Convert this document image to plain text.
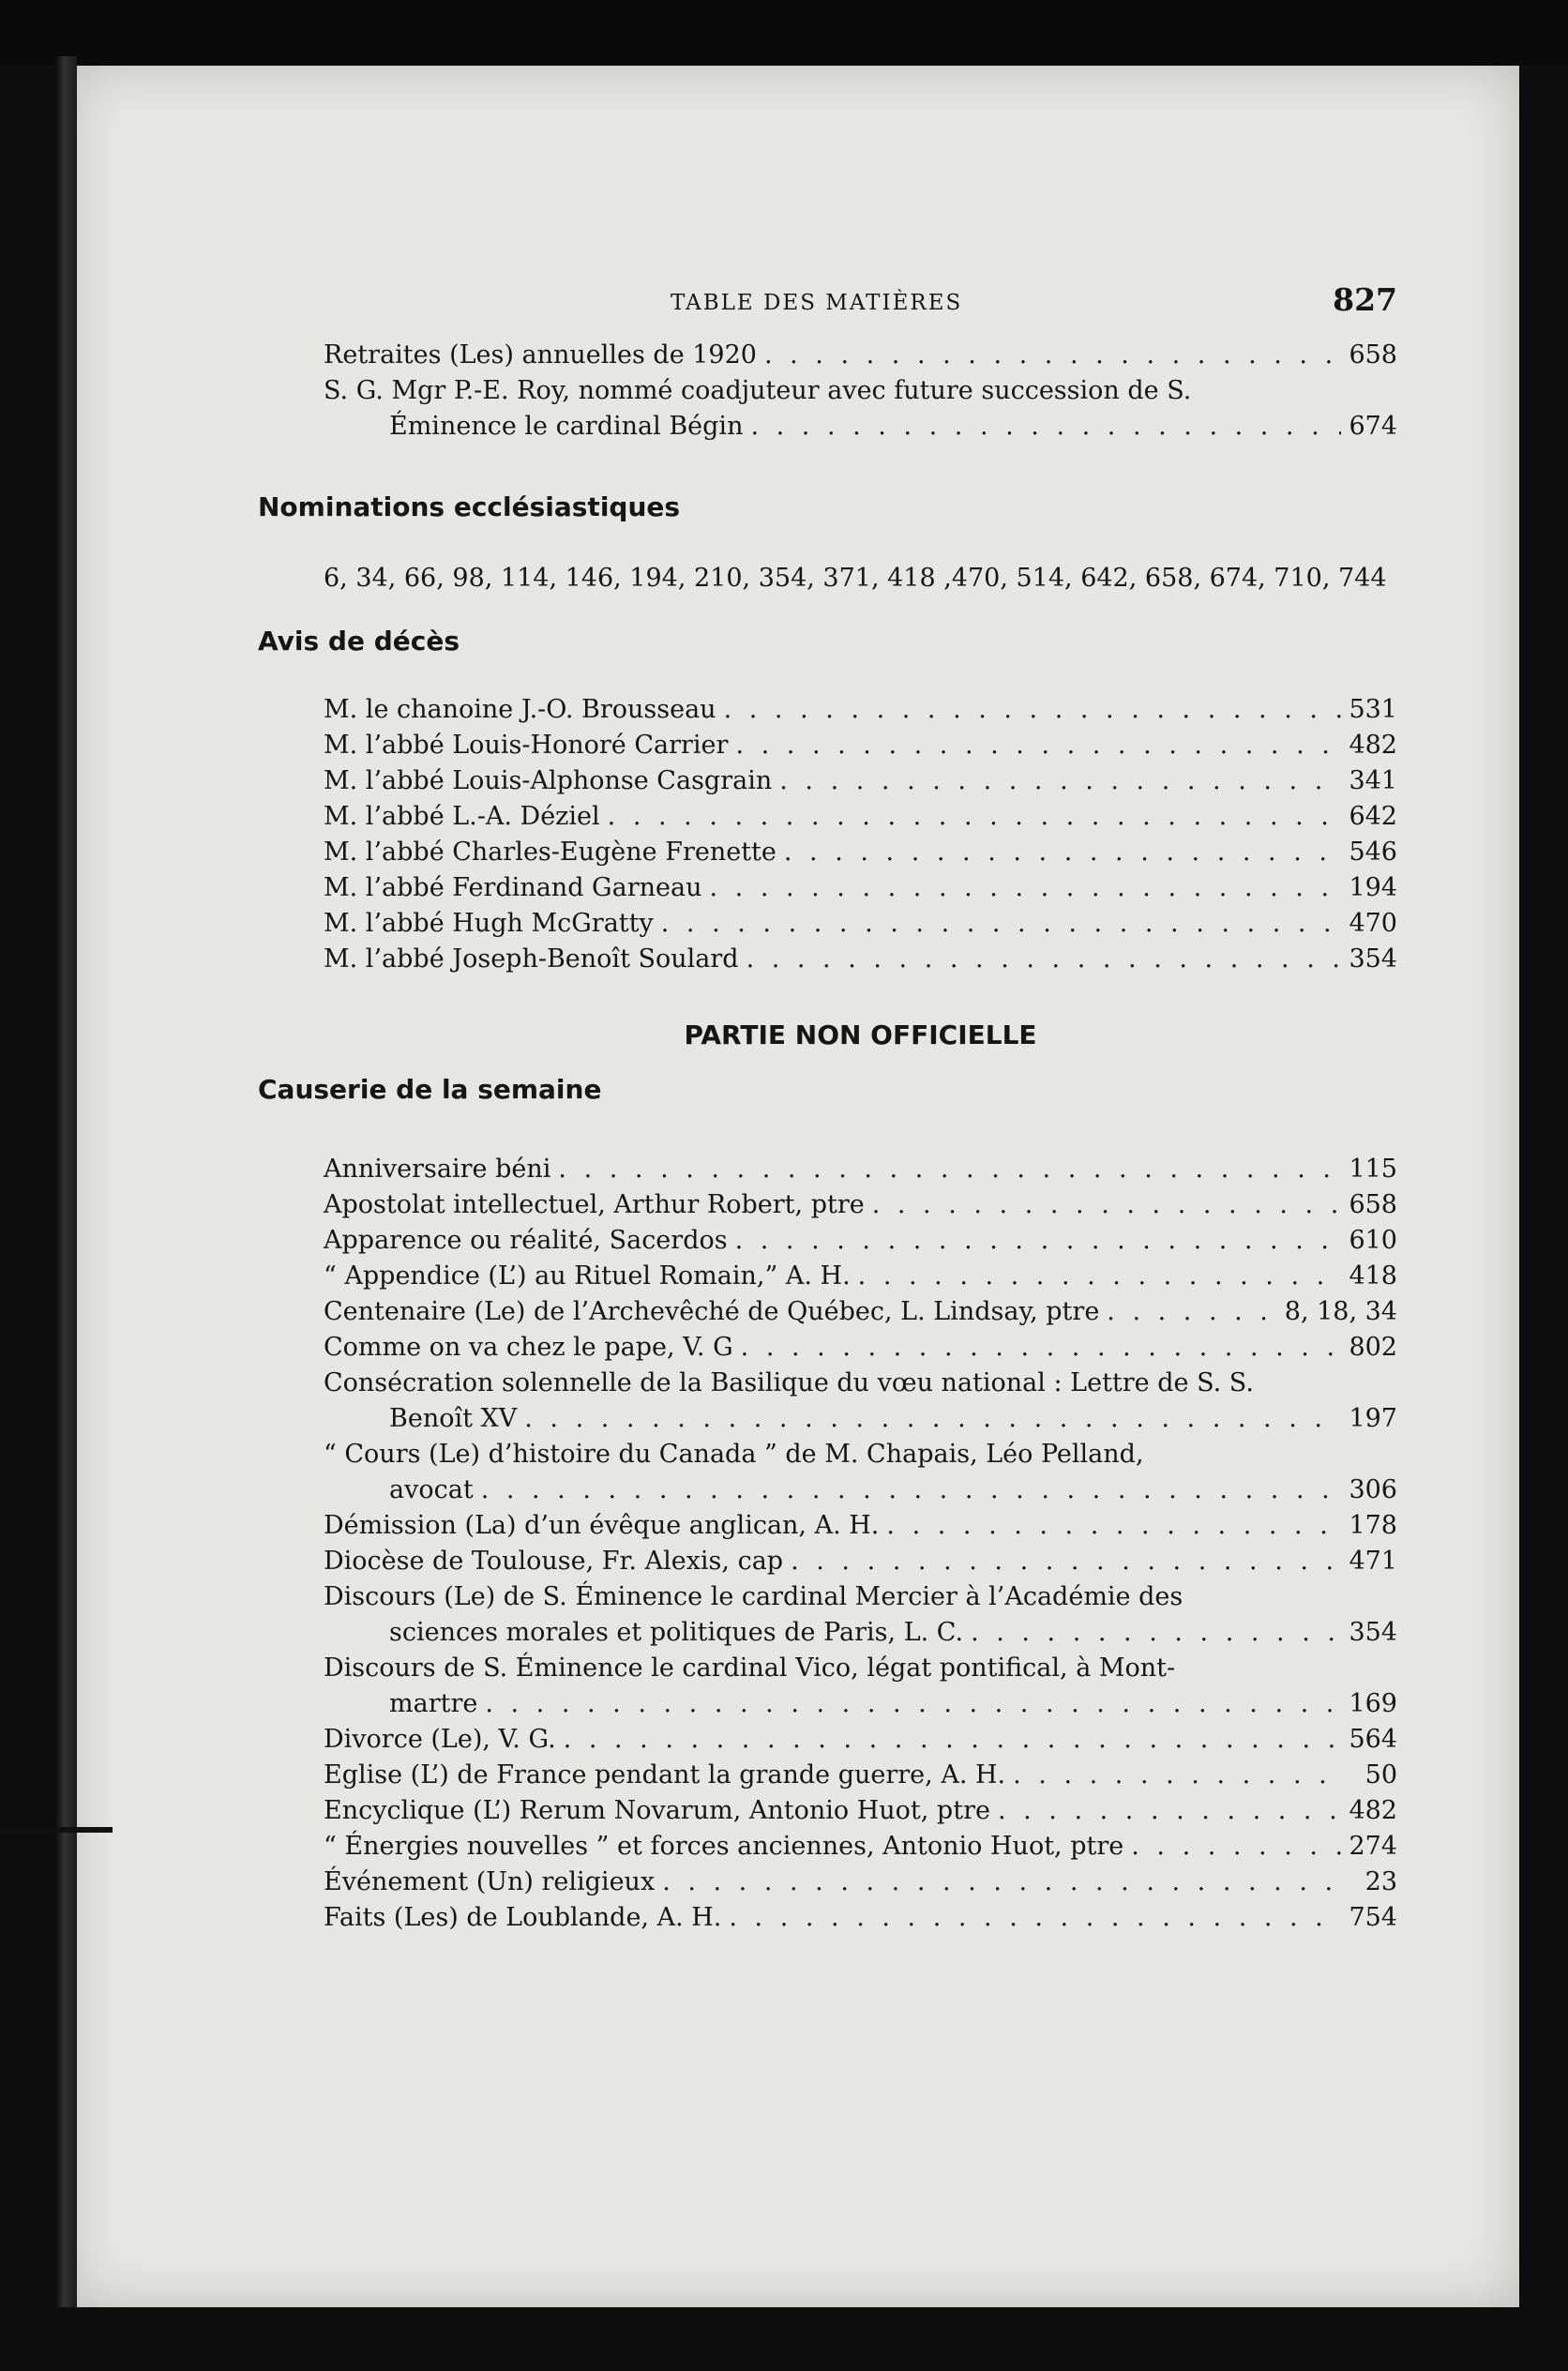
TABLE DES MATIÈRES	827
Retraites (Les) annuelles de 1920 . . .	658
S. G. Mgr P.-E. Roy, nommé coadjuteur avec future succession de S.
Éminence le cardinal Bégin . . .	674
Nominations ecclésiastiques
6, 34, 66, 98, 114, 146, 194, 210, 354, 371, 418 ,470, 514, 642, 658, 674, 710, 744
Avis de décès
M. le chanoine J.-O. Brousseau . . .	531
M. l’abbé Louis-Honoré Carrier . . .	482
M. l’abbé Louis-Alphonse Casgrain . . .	341
M. l’abbé L.-A. Déziel . . .	642
M. l’abbé Charles-Eugène Frenette . . .	546
M. l’abbé Ferdinand Garneau . . .	194
M. l’abbé Hugh McGratty . . .	470
M. l’abbé Joseph-Benoît Soulard . . .	354
PARTIE NON OFFICIELLE
Causerie de la semaine
Anniversaire béni . . .	115
Apostolat intellectuel, Arthur Robert, ptre . . .	658
Apparence ou réalité, Sacerdos . . .	610
“ Appendice (L’) au Rituel Romain,” A. H. . . .	418
Centenaire (Le) de l’Archevêché de Québec, L. Lindsay, ptre . . .	8, 18, 34
Comme on va chez le pape, V. G . . .	802
Consécration solennelle de la Basilique du vœu national : Lettre de S. S.
Benoît XV . . .	197
“ Cours (Le) d’histoire du Canada ” de M. Chapais, Léo Pelland,
avocat . . .	306
Démission (La) d’un évêque anglican, A. H. . . .	178
Diocèse de Toulouse, Fr. Alexis, cap . . .	471
Discours (Le) de S. Éminence le cardinal Mercier à l’Académie des
sciences morales et politiques de Paris, L. C. . . .	354
Discours de S. Éminence le cardinal Vico, légat pontifical, à Mont-
martre . . .	169
Divorce (Le), V. G. . . .	564
Eglise (L’) de France pendant la grande guerre, A. H. . . .	50
Encyclique (L’) Rerum Novarum, Antonio Huot, ptre . . .	482
“ Énergies nouvelles ” et forces anciennes, Antonio Huot, ptre . . .	274
Événement (Un) religieux . . .	23
Faits (Les) de Loublande, A. H. . . .	754
